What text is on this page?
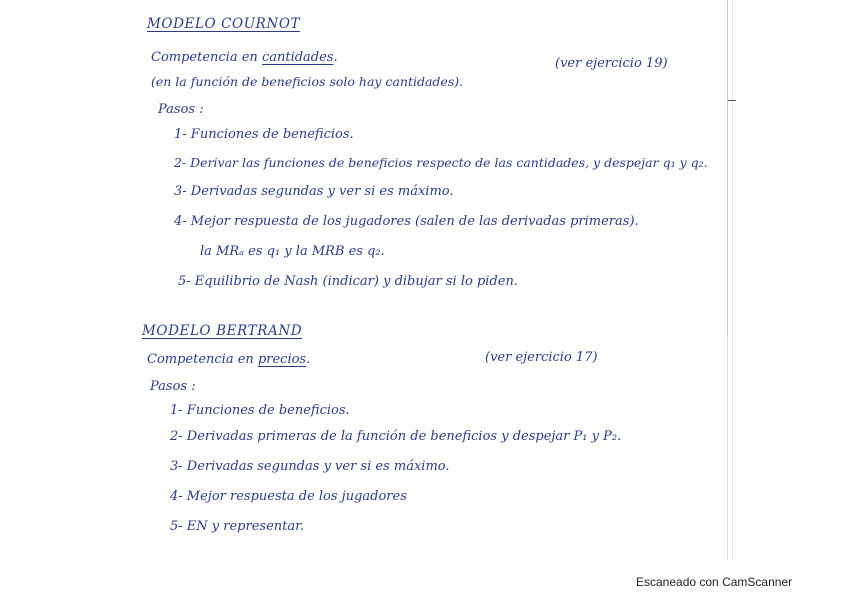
MODELO COURNOT
Competencia en cantidades.	(ver ejercicio 19)
(en la función de beneficios solo hay cantidades).
Pasos :
1- Funciones de beneficios.
2- Derivar las funciones de beneficios respecto de las cantidades, y despejar q₁ y q₂.
3- Derivadas segundas y ver si es máximo.
4- Mejor respuesta de los jugadores (salen de las derivadas primeras).
la MRₐ es q₁ y la MRB es q₂.
5- Equilibrio de Nash (indicar) y dibujar si lo piden.
MODELO BERTRAND
Competencia en precios.	(ver ejercicio 17)
Pasos :
1- Funciones de beneficios.
2- Derivadas primeras de la función de beneficios y despejar P₁ y P₂.
3- Derivadas segundas y ver si es máximo.
4- Mejor respuesta de los jugadores
5- EN y representar.
Escaneado con CamScanner
